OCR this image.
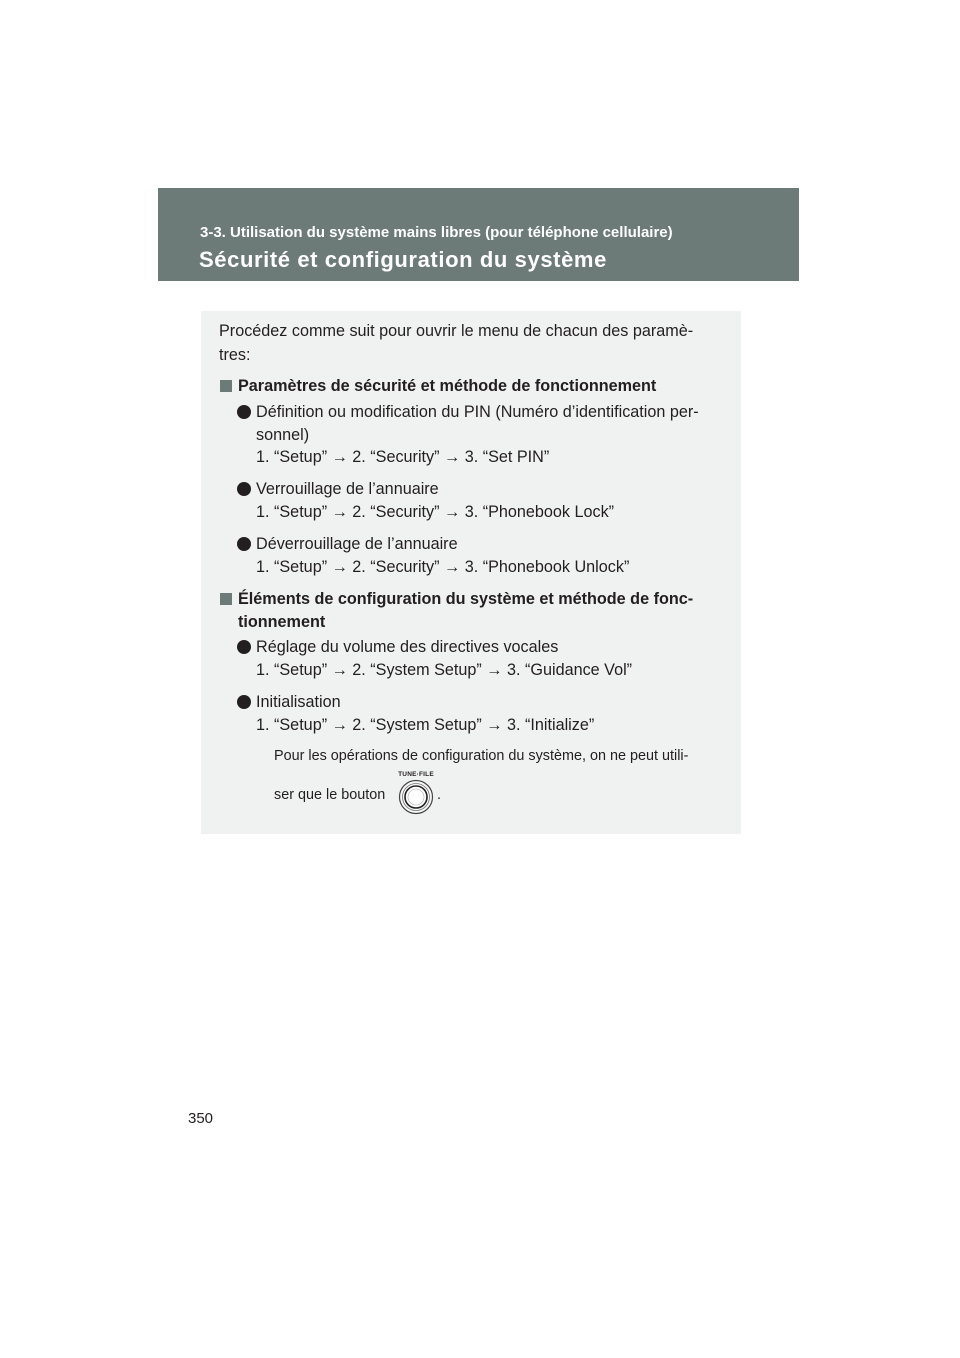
3-3. Utilisation du système mains libres (pour téléphone cellulaire)
Sécurité et configuration du système
Procédez comme suit pour ouvrir le menu de chacun des paramè-
tres:
Paramètres de sécurité et méthode de fonctionnement
Définition ou modification du PIN (Numéro d’identification per-
sonnel)
1. “Setup” → 2. “Security” → 3. “Set PIN”
Verrouillage de l’annuaire
1. “Setup” → 2. “Security” → 3. “Phonebook Lock”
Déverrouillage de l’annuaire
1. “Setup” → 2. “Security” → 3. “Phonebook Unlock”
Éléments de configuration du système et méthode de fonc-
tionnement
Réglage du volume des directives vocales
1. “Setup” → 2. “System Setup” → 3. “Guidance Vol”
Initialisation
1. “Setup” → 2. “System Setup” → 3. “Initialize”
Pour les opérations de configuration du système, on ne peut utili-
ser que le bouton
TUNE·FILE
.
350
